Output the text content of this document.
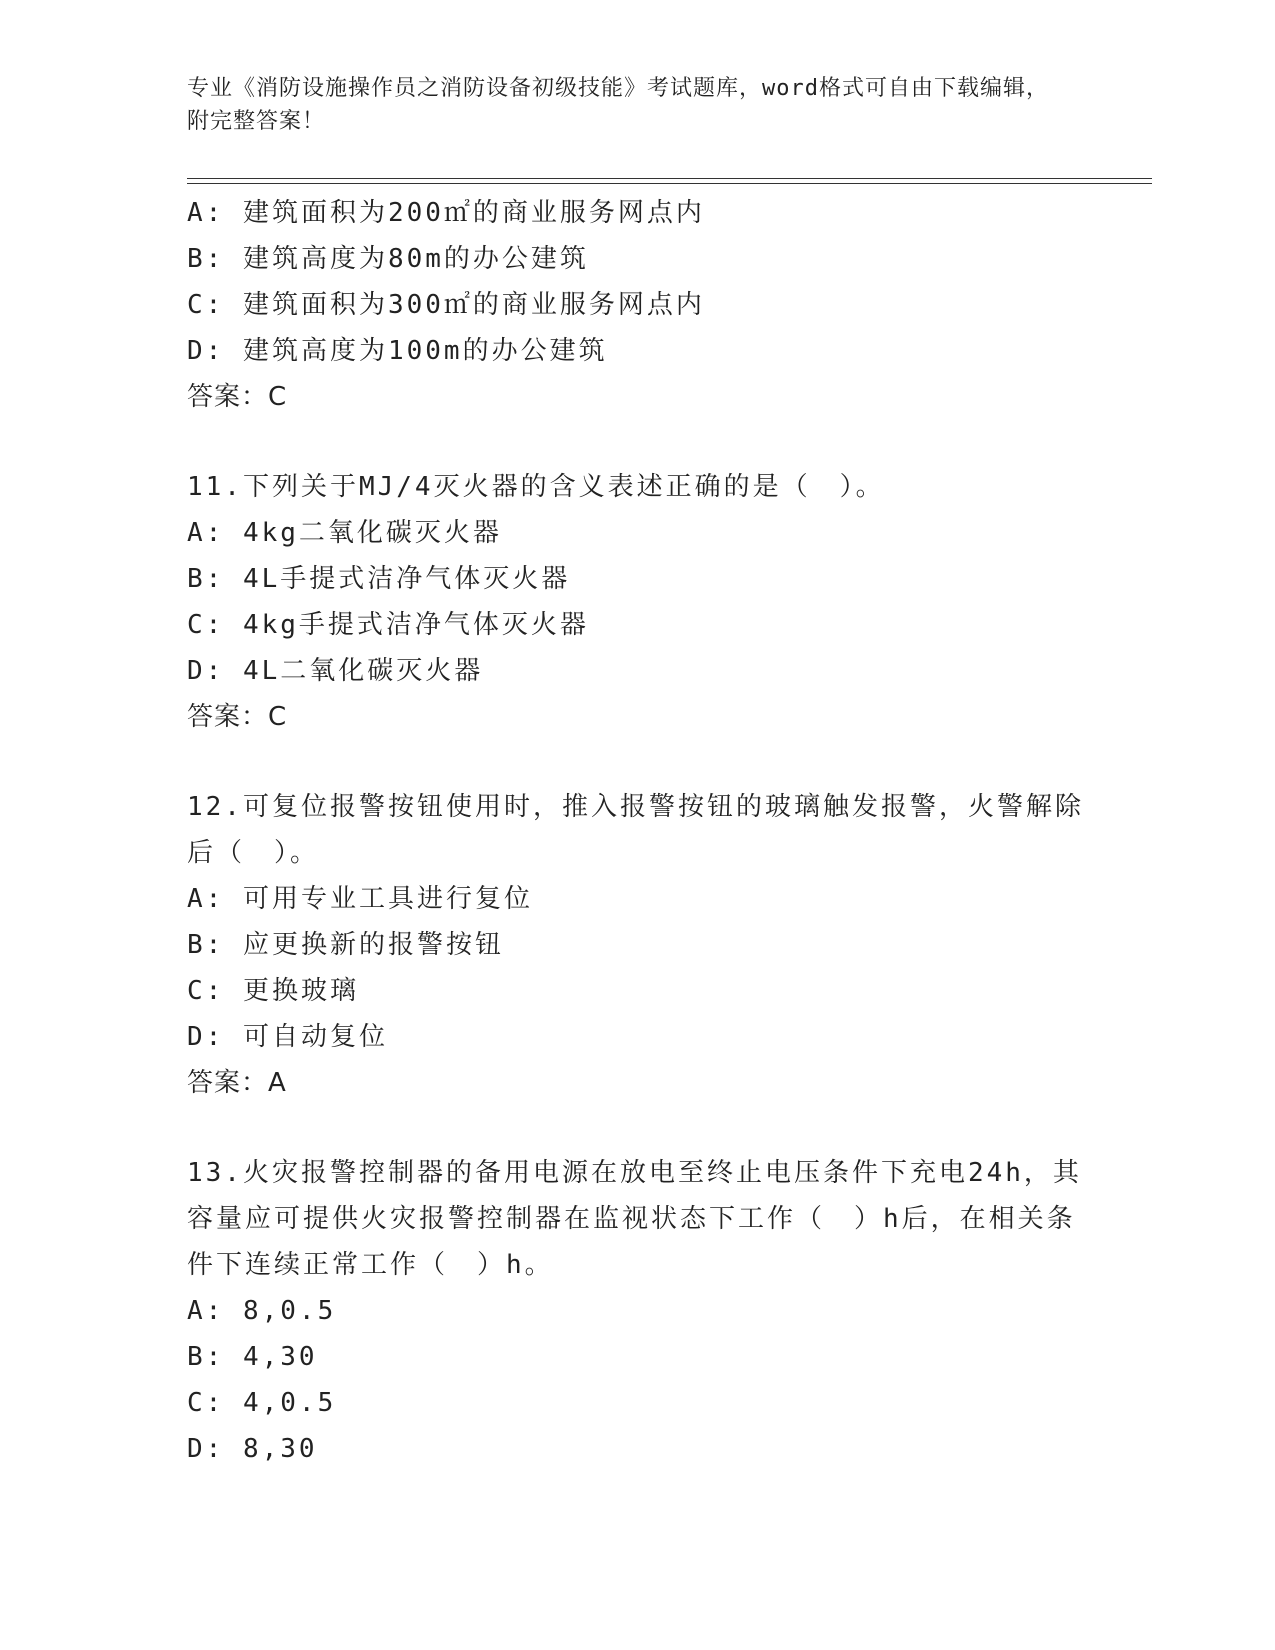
专业《消防设施操作员之消防设备初级技能》考试题库，word格式可自由下载编辑，附完整答案！
A: 建筑面积为200㎡的商业服务网点内
B: 建筑高度为80m的办公建筑
C: 建筑面积为300㎡的商业服务网点内
D: 建筑高度为100m的办公建筑
答案：C
11.下列关于MJ/4灭火器的含义表述正确的是（　）。
A: 4kg二氧化碳灭火器
B: 4L手提式洁净气体灭火器
C: 4kg手提式洁净气体灭火器
D: 4L二氧化碳灭火器
答案：C
12.可复位报警按钮使用时，推入报警按钮的玻璃触发报警，火警解除后（　）。
A: 可用专业工具进行复位
B: 应更换新的报警按钮
C: 更换玻璃
D: 可自动复位
答案：A
13.火灾报警控制器的备用电源在放电至终止电压条件下充电24h，其容量应可提供火灾报警控制器在监视状态下工作（　）h后，在相关条件下连续正常工作（　）h。
A: 8,0.5
B: 4,30
C: 4,0.5
D: 8,30
